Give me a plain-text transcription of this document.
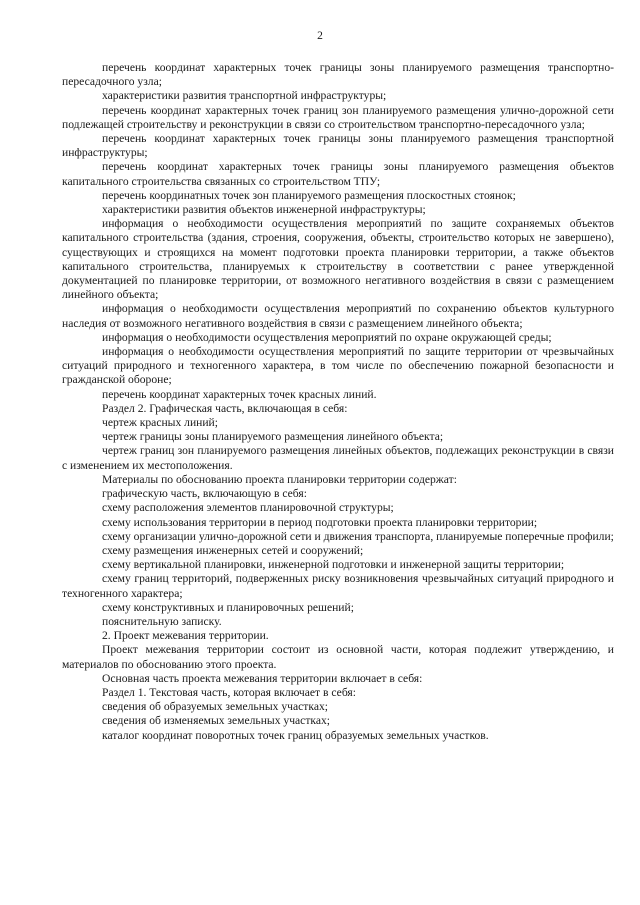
2

перечень координат характерных точек границы зоны планируемого размещения транспортно-пересадочного узла;

характеристики развития транспортной инфраструктуры;

перечень координат характерных точек границ зон планируемого размещения улично-дорожной сети подлежащей строительству и реконструкции в связи со строительством транспортно-пересадочного узла;

перечень координат характерных точек границы зоны планируемого размещения транспортной инфраструктуры;

перечень координат характерных точек границы зоны планируемого размещения объектов капитального строительства связанных со строительством ТПУ;

перечень координатных точек зон планируемого размещения плоскостных стоянок;

характеристики развития объектов инженерной инфраструктуры;

информация о необходимости осуществления мероприятий по защите сохраняемых объектов капитального строительства (здания, строения, сооружения, объекты, строительство которых не завершено), существующих и строящихся на момент подготовки проекта планировки территории, а также объектов капитального строительства, планируемых к строительству в соответствии с ранее утвержденной документацией по планировке территории, от возможного негативного воздействия в связи с размещением линейного объекта;

информация о необходимости осуществления мероприятий по сохранению объектов культурного наследия от возможного негативного воздействия в связи с размещением линейного объекта;

информация о необходимости осуществления мероприятий по охране окружающей среды;

информация о необходимости осуществления мероприятий по защите территории от чрезвычайных ситуаций природного и техногенного характера, в том числе по обеспечению пожарной безопасности и гражданской обороне;

перечень координат характерных точек красных линий.

Раздел 2. Графическая часть, включающая в себя:

чертеж красных линий;

чертеж границы зоны планируемого размещения линейного объекта;

чертеж границ зон планируемого размещения линейных объектов, подлежащих реконструкции в связи с изменением их местоположения.

Материалы по обоснованию проекта планировки территории содержат:

графическую часть, включающую в себя:

схему расположения элементов планировочной структуры;

схему использования территории в период подготовки проекта планировки территории;

схему организации улично-дорожной сети и движения транспорта, планируемые поперечные профили;

схему размещения инженерных сетей и сооружений;

схему вертикальной планировки, инженерной подготовки и инженерной защиты территории;

схему границ территорий, подверженных риску возникновения чрезвычайных ситуаций природного и техногенного характера;

схему конструктивных и планировочных решений;

пояснительную записку.

2. Проект межевания территории.

Проект межевания территории состоит из основной части, которая подлежит утверждению, и материалов по обоснованию этого проекта.

Основная часть проекта межевания территории включает в себя:

Раздел 1. Текстовая часть, которая включает в себя:

сведения об образуемых земельных участках;

сведения об изменяемых земельных участках;

каталог координат поворотных точек границ образуемых земельных участков.
